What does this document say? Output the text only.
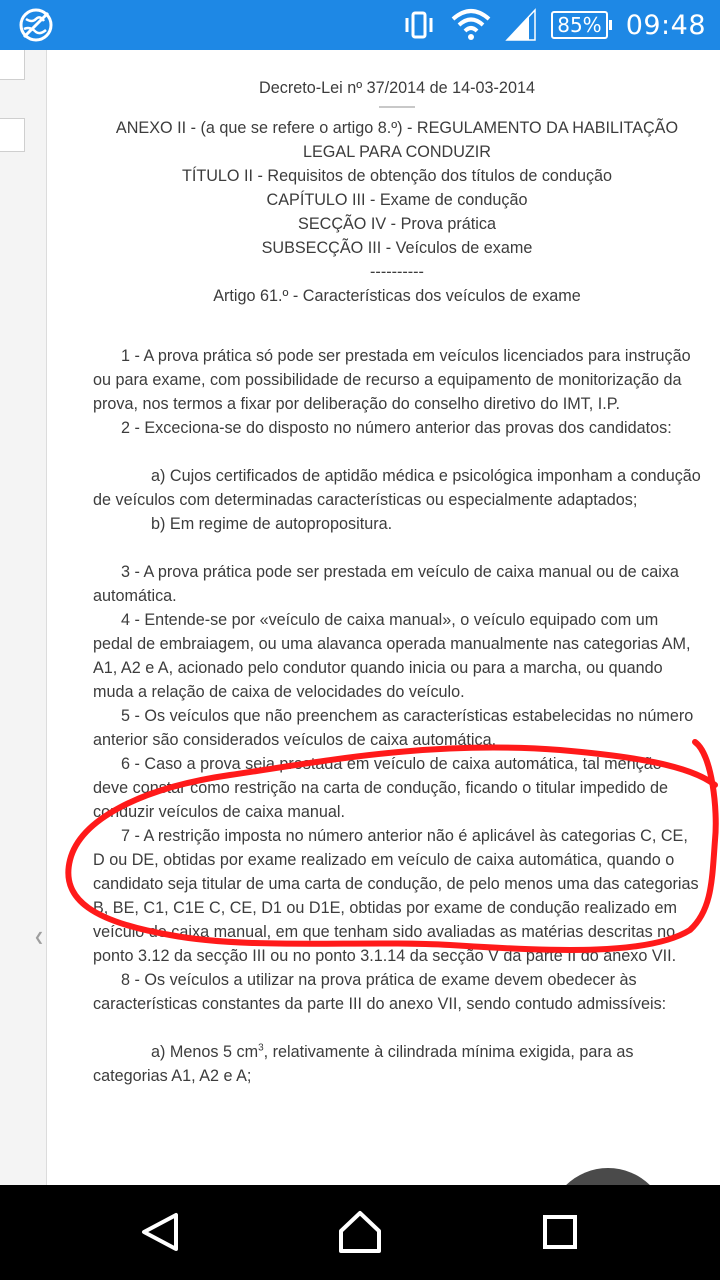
85% 09:48
❮

Decreto-Lei nº 37/2014 de 14-03-2014

ANEXO II - (a que se refere o artigo 8.º) - REGULAMENTO DA HABILITAÇÃO LEGAL PARA CONDUZIR

TÍTULO II - Requisitos de obtenção dos títulos de condução

CAPÍTULO III - Exame de condução

SECÇÃO IV - Prova prática

SUBSECÇÃO III - Veículos de exame

----------

Artigo 61.º - Características dos veículos de exame

1 - A prova prática só pode ser prestada em veículos licenciados para instrução ou para exame, com possibilidade de recurso a equipamento de monitorização da prova, nos termos a fixar por deliberação do conselho diretivo do IMT, I.P.

2 - Exceciona-se do disposto no número anterior das provas dos candidatos:

a) Cujos certificados de aptidão médica e psicológica imponham a condução de veículos com determinadas características ou especialmente adaptados;

b) Em regime de autopropositura.

3 - A prova prática pode ser prestada em veículo de caixa manual ou de caixa automática.

4 - Entende-se por «veículo de caixa manual», o veículo equipado com um pedal de embraiagem, ou uma alavanca operada manualmente nas categorias AM, A1, A2 e A, acionado pelo condutor quando inicia ou para a marcha, ou quando muda a relação de caixa de velocidades do veículo.

5 - Os veículos que não preenchem as características estabelecidas no número anterior são considerados veículos de caixa automática.

6 - Caso a prova seja prestada em veículo de caixa automática, tal menção deve constar como restrição na carta de condução, ficando o titular impedido de conduzir veículos de caixa manual.

7 - A restrição imposta no número anterior não é aplicável às categorias C, CE, D ou DE, obtidas por exame realizado em veículo de caixa automática, quando o candidato seja titular de uma carta de condução, de pelo menos uma das categorias B, BE, C1, C1E C, CE, D1 ou D1E, obtidas por exame de condução realizado em veículo de caixa manual, em que tenham sido avaliadas as matérias descritas no ponto 3.12 da secção III ou no ponto 3.1.14 da secção V da parte II do anexo VII.

8 - Os veículos a utilizar na prova prática de exame devem obedecer às características constantes da parte III do anexo VII, sendo contudo admissíveis:

a) Menos 5 $cm^3$, relativamente à cilindrada mínima exigida, para as categorias A1, A2 e A;
